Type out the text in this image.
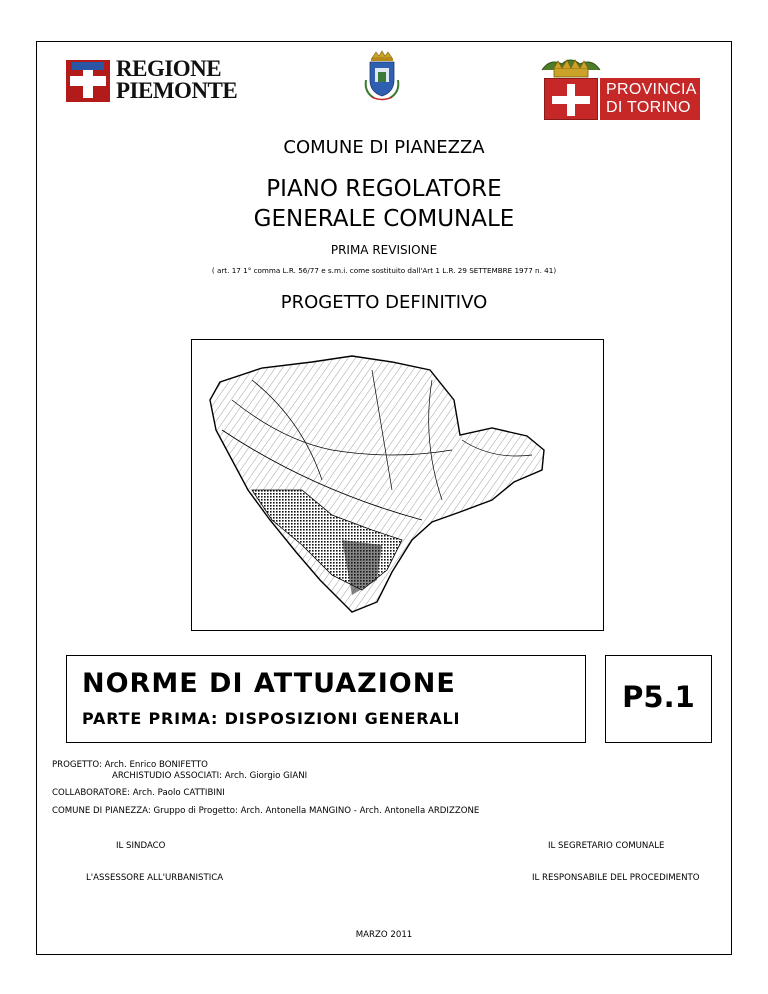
REGIONE
PIEMONTE	PROVINCIA
DI TORINO
COMUNE DI PIANEZZA
PIANO REGOLATORE
GENERALE COMUNALE
PRIMA REVISIONE
( art. 17 1° comma L.R. 56/77 e s.m.i. come sostituito dall'Art 1 L.R. 29 SETTEMBRE 1977 n. 41)
PROGETTO DEFINITIVO
NORME DI ATTUAZIONE
PARTE PRIMA: DISPOSIZIONI GENERALI
P5.1
PROGETTO: Arch. Enrico BONIFETTO
ARCHISTUDIO ASSOCIATI: Arch. Giorgio GIANI
COLLABORATORE: Arch. Paolo CATTIBINI
COMUNE DI PIANEZZA: Gruppo di Progetto: Arch. Antonella MANGINO - Arch. Antonella ARDIZZONE
IL SINDACO	IL SEGRETARIO COMUNALE
L'ASSESSORE ALL'URBANISTICA	IL RESPONSABILE DEL PROCEDIMENTO
MARZO 2011
